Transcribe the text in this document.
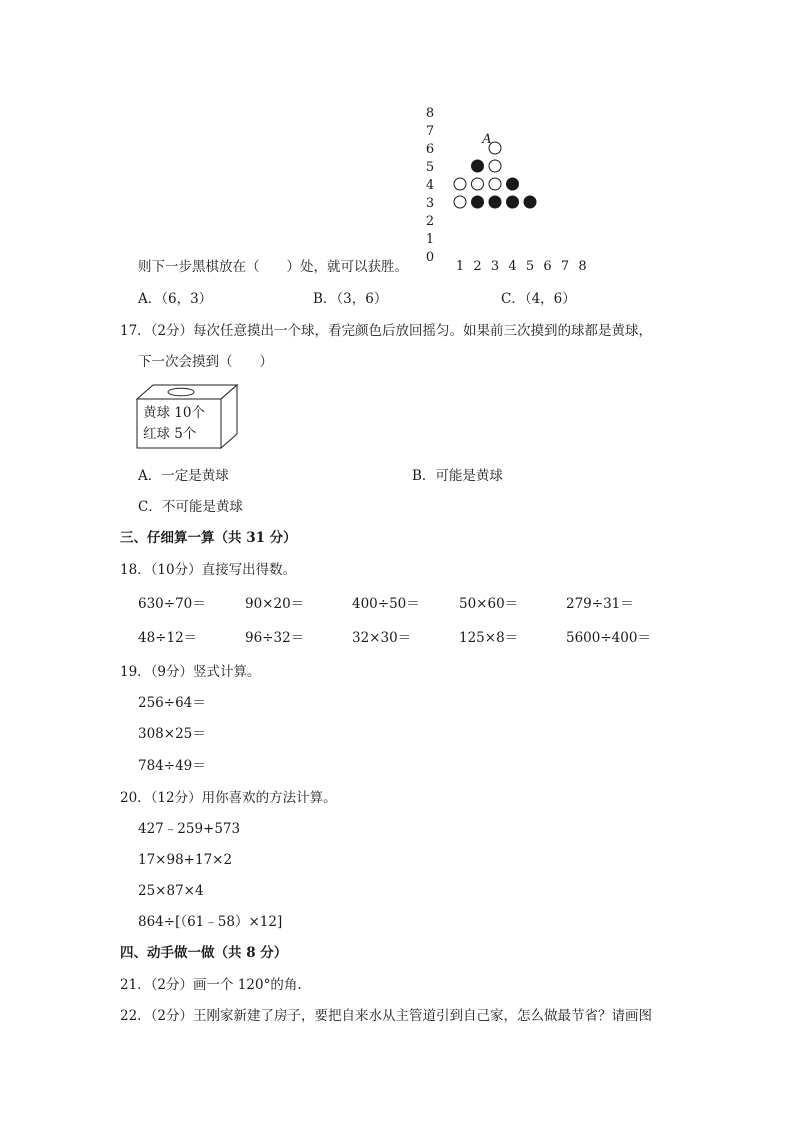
8
7
6
5
4
3
2
1
0
1 2 3 4 5 6 7 8
A
则下一步黑棋放在（　　）处，就可以获胜。
A．（6，3）	B．（3，6）	C．（4，6）
17．（2分）每次任意摸出一个球，看完颜色后放回摇匀。如果前三次摸到的球都是黄球，
下一次会摸到（　　）
黄球 10个
红球 5个
A．一定是黄球	B．可能是黄球
C．不可能是黄球
三、仔细算一算（共 31 分）
18．（10分）直接写出得数。
630÷70＝	90×20＝	400÷50＝	50×60＝	279÷31＝
48÷12＝	96÷32＝	32×30＝	125×8＝	5600÷400＝
19．（9分）竖式计算。
256÷64＝
308×25＝
784÷49＝
20．（12分）用你喜欢的方法计算。
427﹣259+573
17×98+17×2
25×87×4
864÷[（61﹣58）×12]
四、动手做一做（共 8 分）
21．（2分）画一个 120°的角.
22．（2分）王刚家新建了房子，要把自来水从主管道引到自己家，怎么做最节省？请画图
